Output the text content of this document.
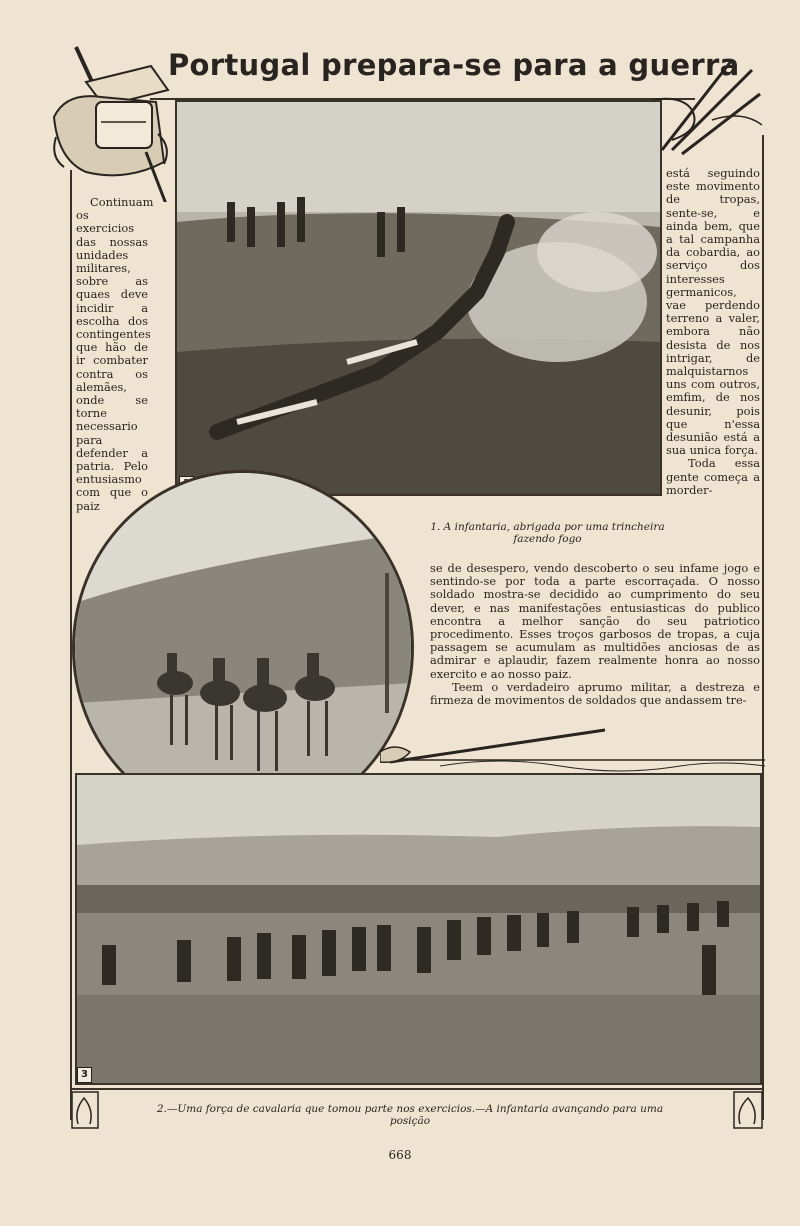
Portugal prepara-se para a guerra

Continuam os exercicios das nossas unidades militares, sobre as quaes deve incidir a escolha dos contingentes que hão de ir combater contra os alemães, onde se torne necessario para defender a patria. Pelo entusiasmo com que o paiz

está seguindo este movimento de tropas, sente-se, e ainda bem, que a tal campanha da cobardia, ao serviço dos interesses germanicos, vae perdendo terreno a valer, embora não desista de nos intrigar, de malquistarnos uns com outros, emfim, de nos desunir, pois que n'essa desunião está a sua unica força.

Toda essa gente começa a morder-

1. A infantaria, abrigada por uma trincheira fazendo fogo

se de desespero, vendo descoberto o seu infame jogo e sentindo-se por toda a parte escorraçada. O nosso soldado mostra-se decidido ao cumprimento do seu dever, e nas manifestações entusiasticas do publico encontra a melhor sanção do seu patriotico procedimento. Esses troços garbosos de tropas, a cuja passagem se acumulam as multidões anciosas de as admirar e aplaudir, fazem realmente honra ao nosso exercito e ao nosso paiz.

Teem o verdadeiro aprumo militar, a destreza e firmeza de movimentos de soldados que andassem tre-

3
2.—Uma força de cavalaria que tomou parte nos exercicios.—A infantaria avançando para uma posição
668
